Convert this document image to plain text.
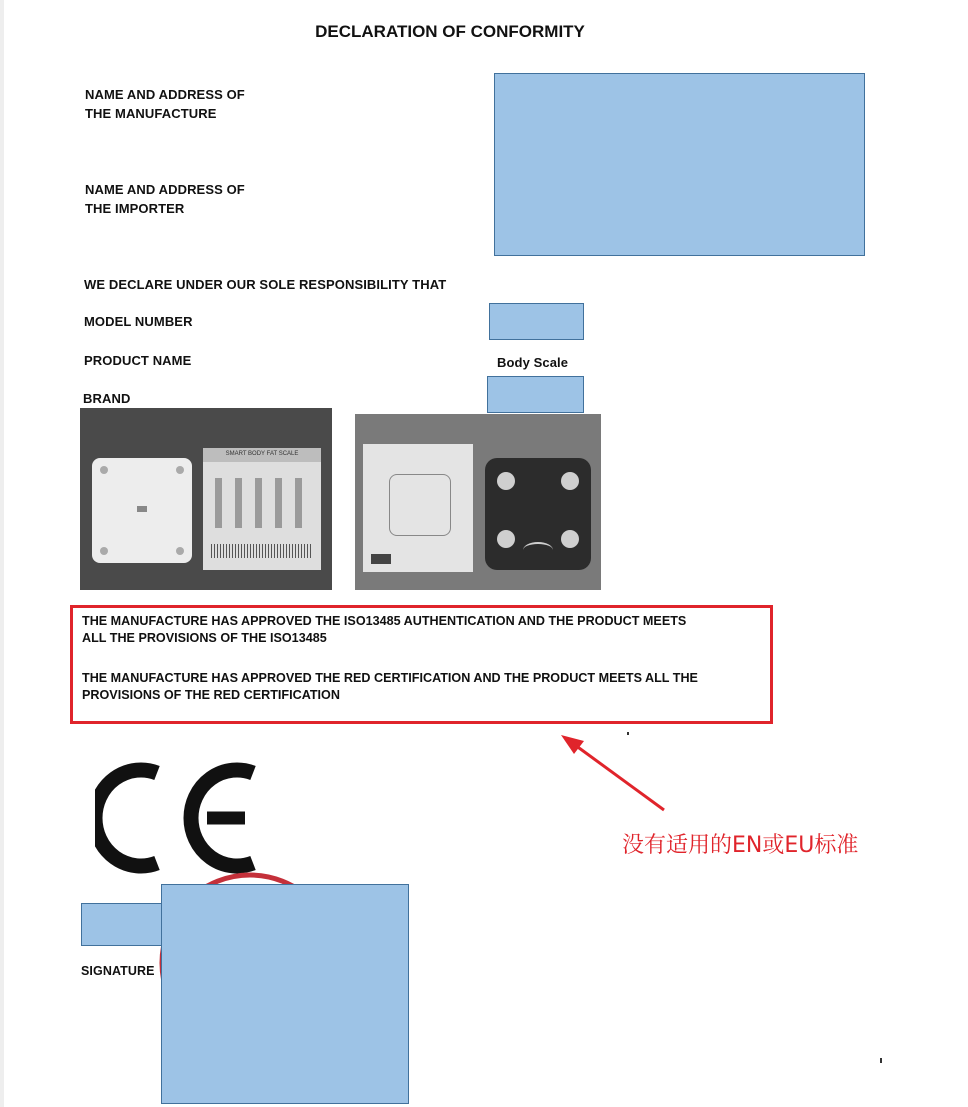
DECLARATION OF CONFORMITY
NAME AND ADDRESS OF
THE MANUFACTURE
NAME AND ADDRESS OF
THE IMPORTER
WE DECLARE UNDER OUR SOLE RESPONSIBILITY THAT
MODEL NUMBER
PRODUCT NAME	Body Scale
BRAND
SMART BODY FAT SCALE
THE MANUFACTURE HAS APPROVED THE ISO13485 AUTHENTICATION AND THE PRODUCT MEETS
ALL THE PROVISIONS OF THE ISO13485
THE MANUFACTURE HAS APPROVED THE RED CERTIFICATION AND THE PRODUCT MEETS ALL THE
PROVISIONS OF THE RED CERTIFICATION
没有适用的EN或EU标准
SIGNATURE
